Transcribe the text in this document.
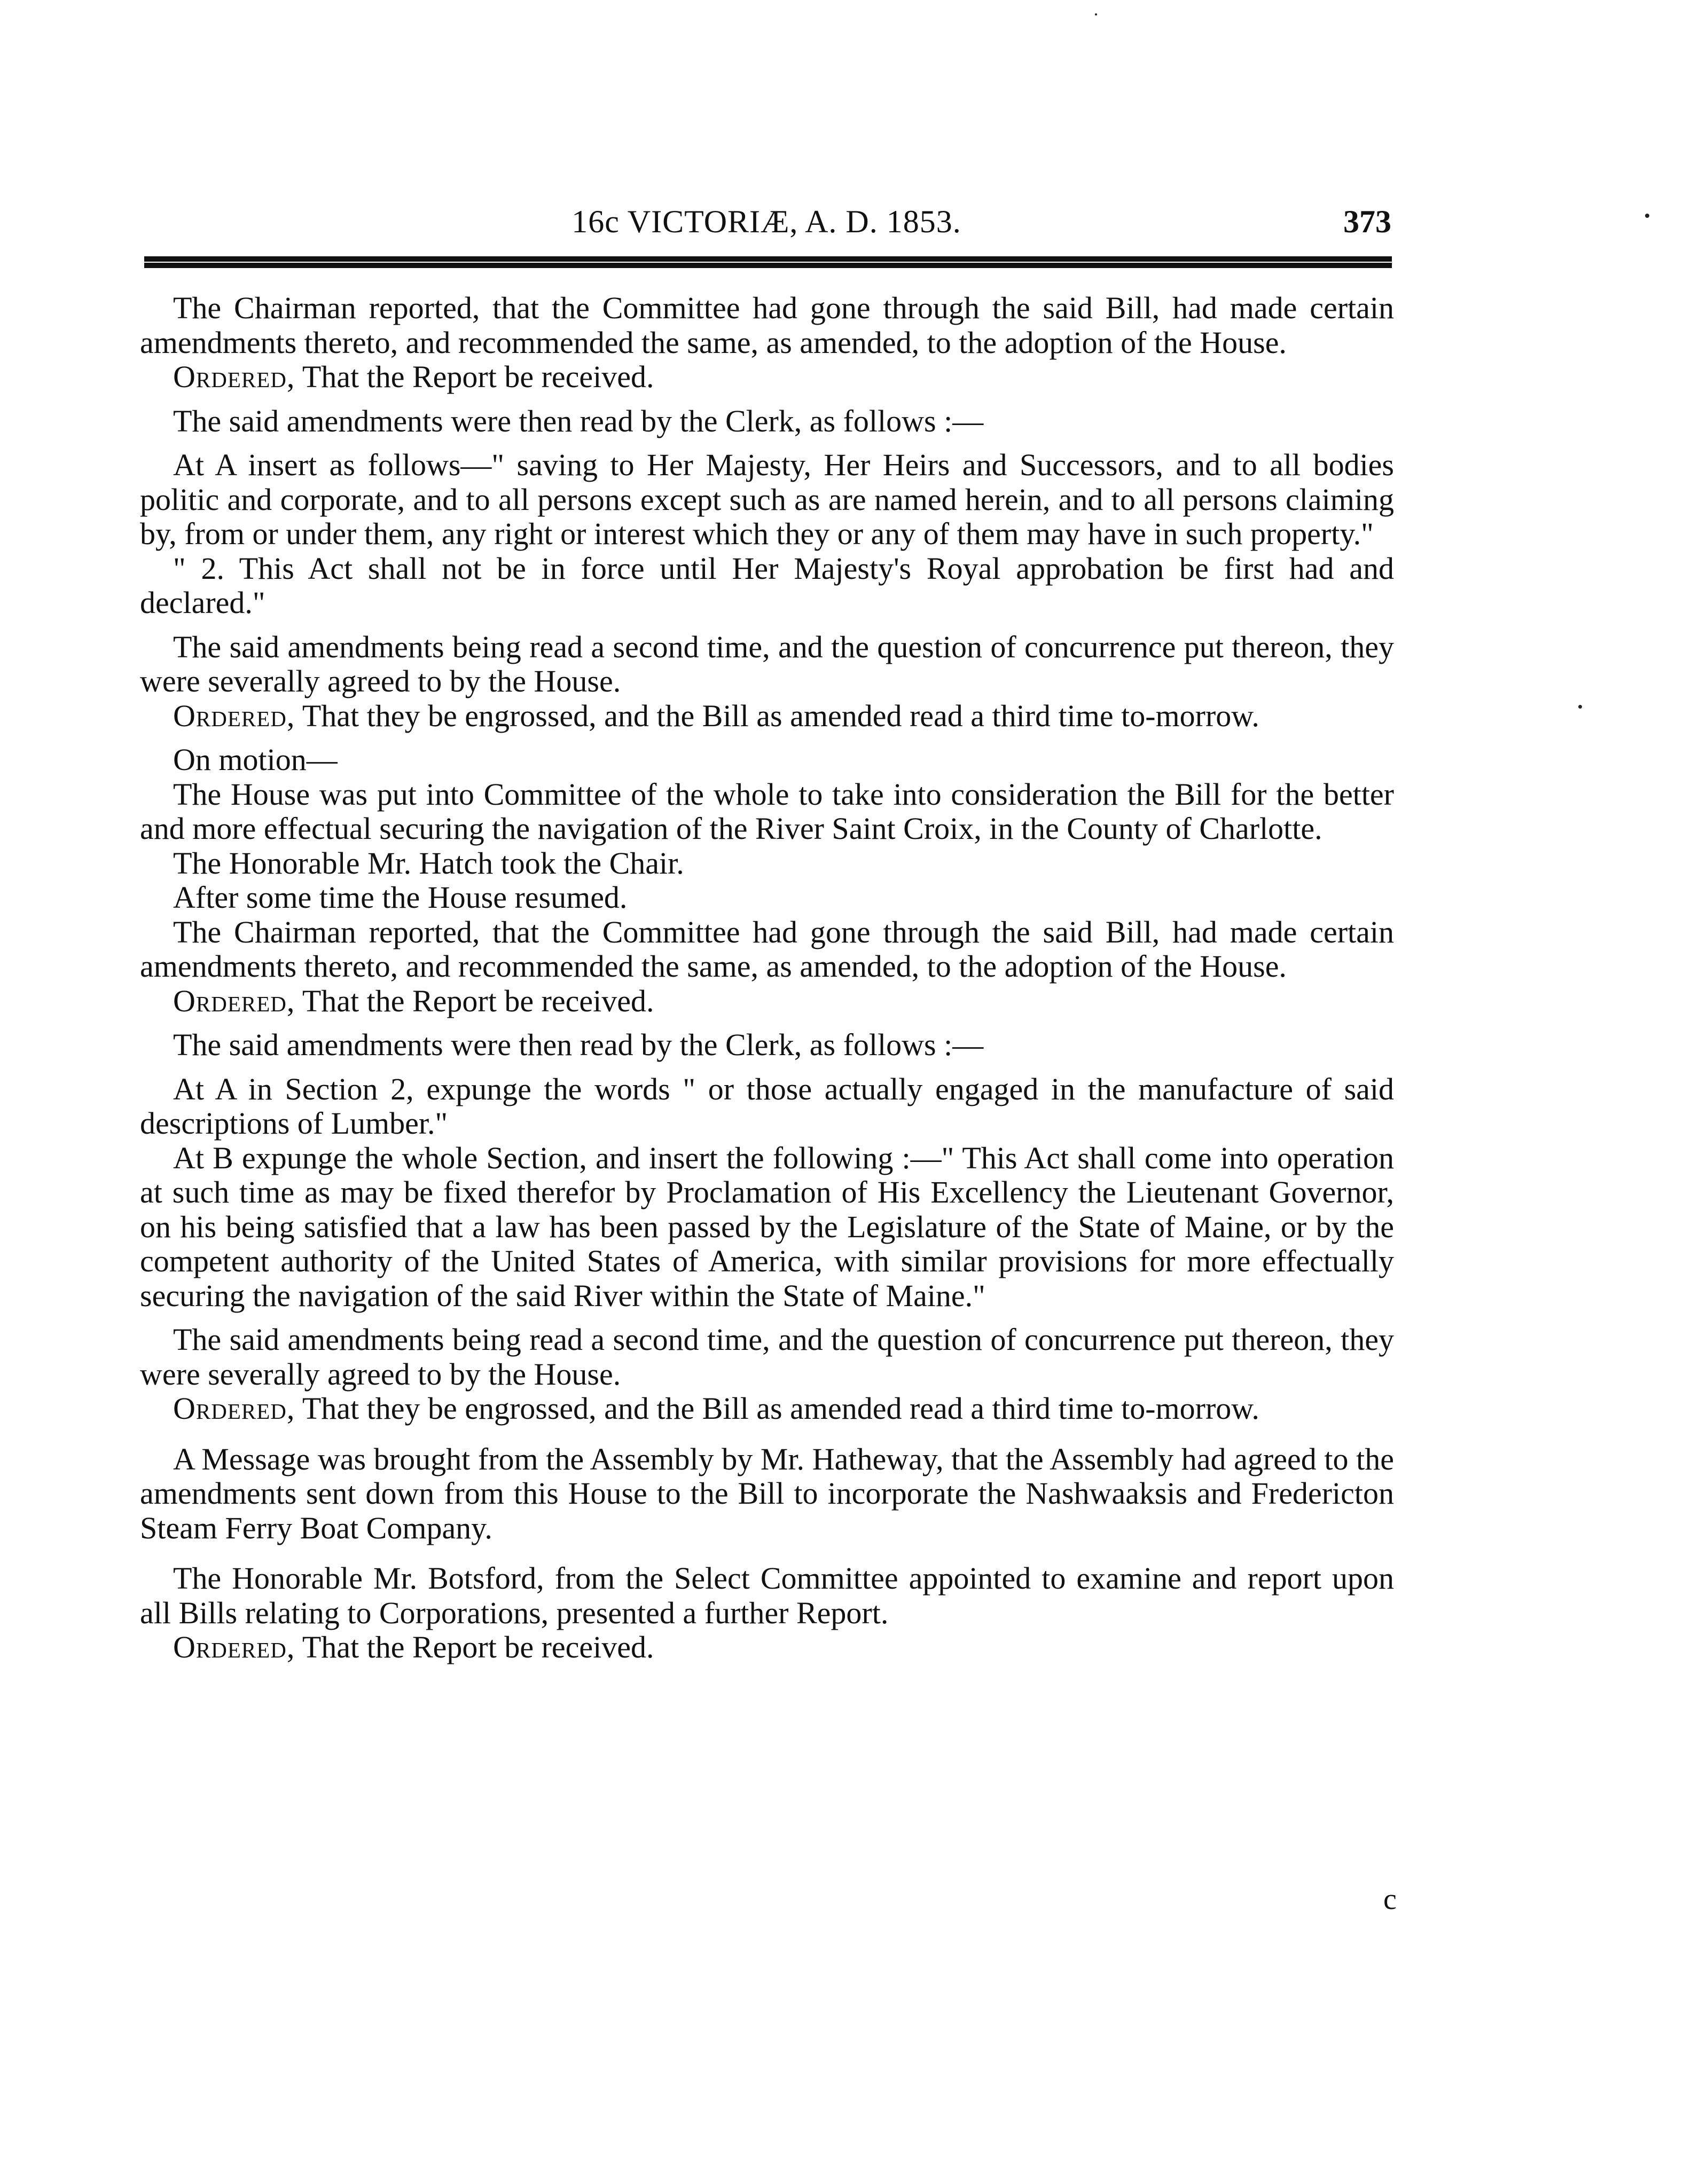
16c VICTORIÆ, A. D. 1853.	373

The Chairman reported, that the Committee had gone through the said Bill, had made certain amendments thereto, and recommended the same, as amended, to the adoption of the House.

Ordered, That the Report be received.

The said amendments were then read by the Clerk, as follows :—

At A insert as follows—" saving to Her Majesty, Her Heirs and Successors, and to all bodies politic and corporate, and to all persons except such as are named herein, and to all persons claiming by, from or under them, any right or interest which they or any of them may have in such property."

" 2. This Act shall not be in force until Her Majesty's Royal approbation be first had and declared."

The said amendments being read a second time, and the question of concurrence put thereon, they were severally agreed to by the House.

Ordered, That they be engrossed, and the Bill as amended read a third time to-morrow.

On motion—

The House was put into Committee of the whole to take into consideration the Bill for the better and more effectual securing the navigation of the River Saint Croix, in the County of Charlotte.

The Honorable Mr. Hatch took the Chair.

After some time the House resumed.

The Chairman reported, that the Committee had gone through the said Bill, had made certain amendments thereto, and recommended the same, as amended, to the adoption of the House.

Ordered, That the Report be received.

The said amendments were then read by the Clerk, as follows :—

At A in Section 2, expunge the words " or those actually engaged in the manufacture of said descriptions of Lumber."

At B expunge the whole Section, and insert the following :—" This Act shall come into operation at such time as may be fixed therefor by Proclamation of His Excellency the Lieutenant Governor, on his being satisfied that a law has been passed by the Legislature of the State of Maine, or by the competent authority of the United States of America, with similar provisions for more effectually securing the navigation of the said River within the State of Maine."

The said amendments being read a second time, and the question of concurrence put thereon, they were severally agreed to by the House.

Ordered, That they be engrossed, and the Bill as amended read a third time to-morrow.

A Message was brought from the Assembly by Mr. Hatheway, that the Assembly had agreed to the amendments sent down from this House to the Bill to incorporate the Nashwaaksis and Fredericton Steam Ferry Boat Company.

The Honorable Mr. Botsford, from the Select Committee appointed to examine and report upon all Bills relating to Corporations, presented a further Report.

Ordered, That the Report be received.

c
